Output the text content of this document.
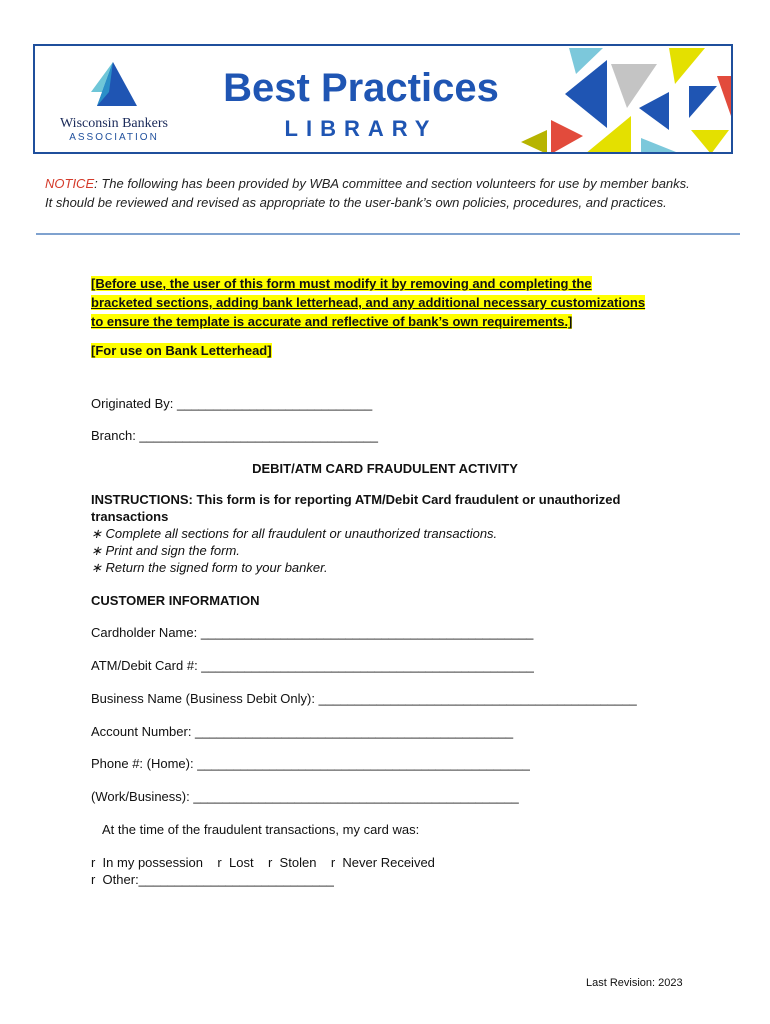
Wisconsin Bankers
ASSOCIATION
Best Practices
LIBRARY
NOTICE: The following has been provided by WBA committee and section volunteers for use by member banks.
It should be reviewed and revised as appropriate to the user-bank’s own policies, procedures, and practices.
[Before use, the user of this form must modify it by removing and completing the
bracketed sections, adding bank letterhead, and any additional necessary customizations
to ensure the template is accurate and reflective of bank’s own requirements.]
[For use on Bank Letterhead]
Originated By: ___________________________
Branch: _________________________________
DEBIT/ATM CARD FRAUDULENT ACTIVITY
INSTRUCTIONS: This form is for reporting ATM/Debit Card fraudulent or unauthorized
transactions
∗ Complete all sections for all fraudulent or unauthorized transactions.
∗ Print and sign the form.
∗ Return the signed form to your banker.
CUSTOMER INFORMATION
Cardholder Name: ______________________________________________
ATM/Debit Card #: ______________________________________________
Business Name (Business Debit Only): ____________________________________________
Account Number: ____________________________________________
Phone #: (Home): ______________________________________________
(Work/Business): _____________________________________________
At the time of the fraudulent transactions, my card was:
r  In my possession    r  Lost    r  Stolen    r  Never Received
r  Other:___________________________
Last Revision: 2023
